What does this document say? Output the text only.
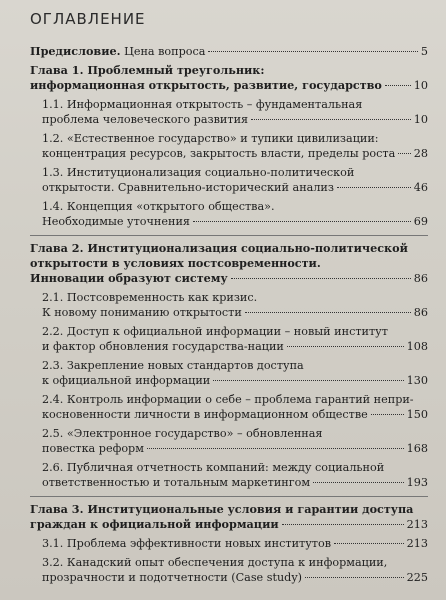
ОГЛАВЛЕНИЕ
Предисловие. Цена вопроса	5
Глава 1. Проблемный треугольник:
информационная открытость, развитие, государство	10
1.1. Информационная открытость – фундаментальная
проблема человеческого развития	10
1.2. «Естественное государство» и тупики цивилизации:
концентрация ресурсов, закрытость власти, пределы роста 28
1.3. Институционализация социально-политической
открытости. Сравнительно-исторический анализ	46
1.4. Концепция «открытого общества».
Необходимые уточнения	69
Глава 2. Институционализация социально-политической
открытости в условиях постсовременности.
Инновации образуют систему	86
2.1. Постсовременность как кризис.
К новому пониманию открытости	86
2.2. Доступ к официальной информации – новый институт
и фактор обновления государства-нации	108
2.3. Закрепление новых стандартов доступа
к официальной информации	130
2.4. Контроль информации о себе – проблема гарантий непри-
косновенности личности в информационном обществе	150
2.5. «Электронное государство» – обновленная
повестка реформ	168
2.6. Публичная отчетность компаний: между социальной
ответственностью и тотальным маркетингом	193
Глава 3. Институциональные условия и гарантии доступа
граждан к официальной информации	213
3.1. Проблема эффективности новых институтов	213
3.2. Канадский опыт обеспечения доступа к информации,
прозрачности и подотчетности (Case study)	225
